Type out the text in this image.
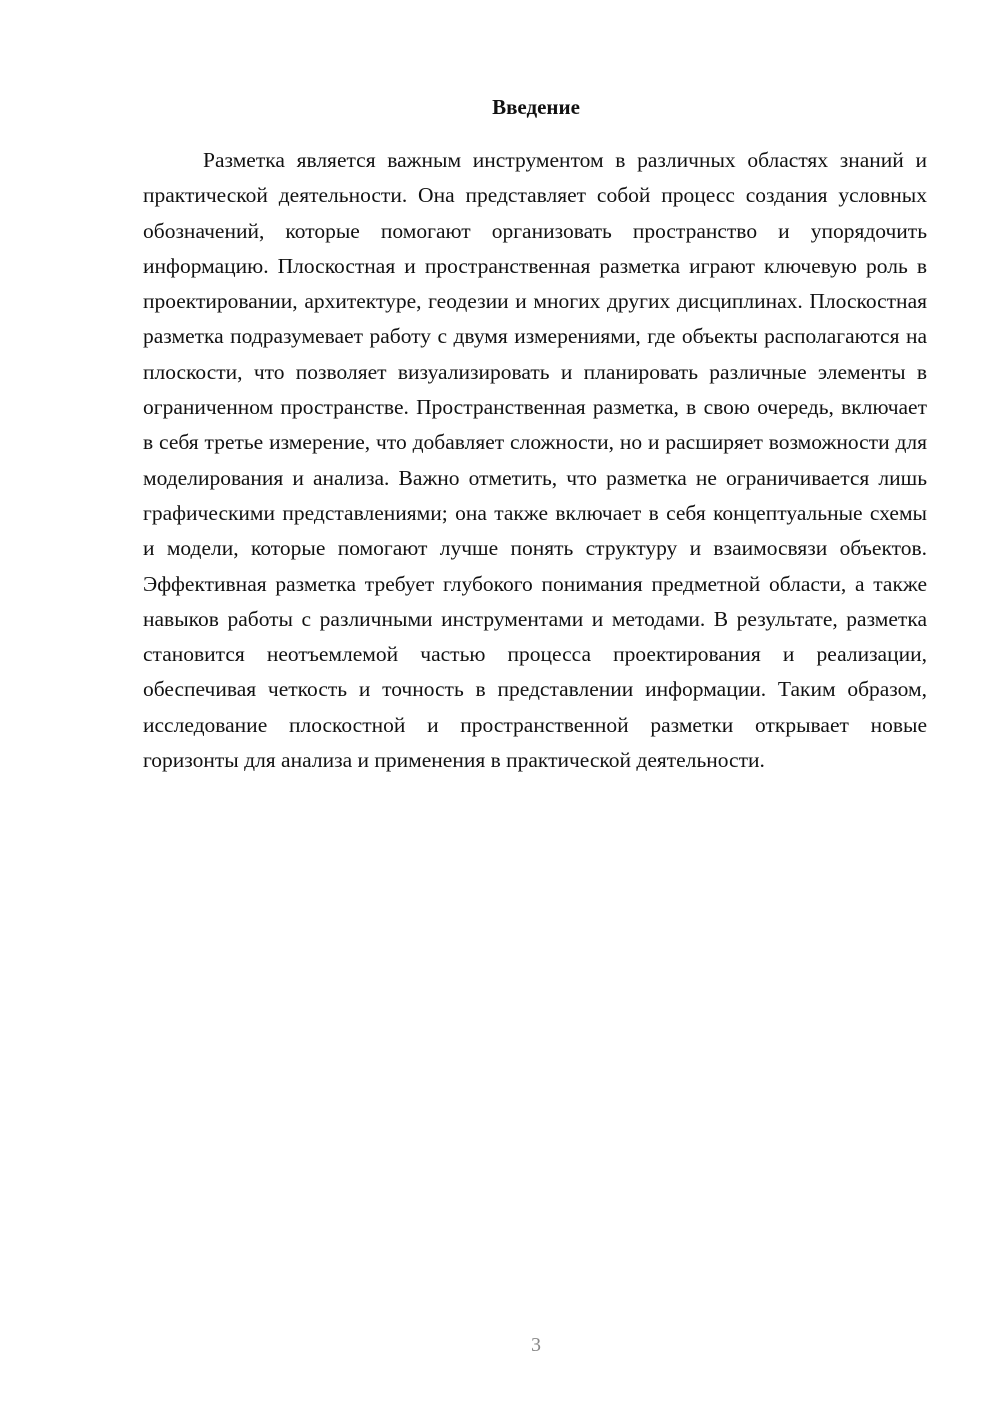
Введение

Разметка является важным инструментом в различных областях знаний и практической деятельности. Она представляет собой процесс создания условных обозначений, которые помогают организовать пространство и упорядочить информацию. Плоскостная и пространственная разметка играют ключевую роль в проектировании, архитектуре, геодезии и многих других дисциплинах. Плоскостная разметка подразумевает работу с двумя измерениями, где объекты располагаются на плоскости, что позволяет визуализировать и планировать различные элементы в ограниченном пространстве. Пространственная разметка, в свою очередь, включает в себя третье измерение, что добавляет сложности, но и расширяет возможности для моделирования и анализа. Важно отметить, что разметка не ограничивается лишь графическими представлениями; она также включает в себя концептуальные схемы и модели, которые помогают лучше понять структуру и взаимосвязи объектов. Эффективная разметка требует глубокого понимания предметной области, а также навыков работы с различными инструментами и методами. В результате, разметка становится неотъемлемой частью процесса проектирования и реализации, обеспечивая четкость и точность в представлении информации. Таким образом, исследование плоскостной и пространственной разметки открывает новые горизонты для анализа и применения в практической деятельности.

3
